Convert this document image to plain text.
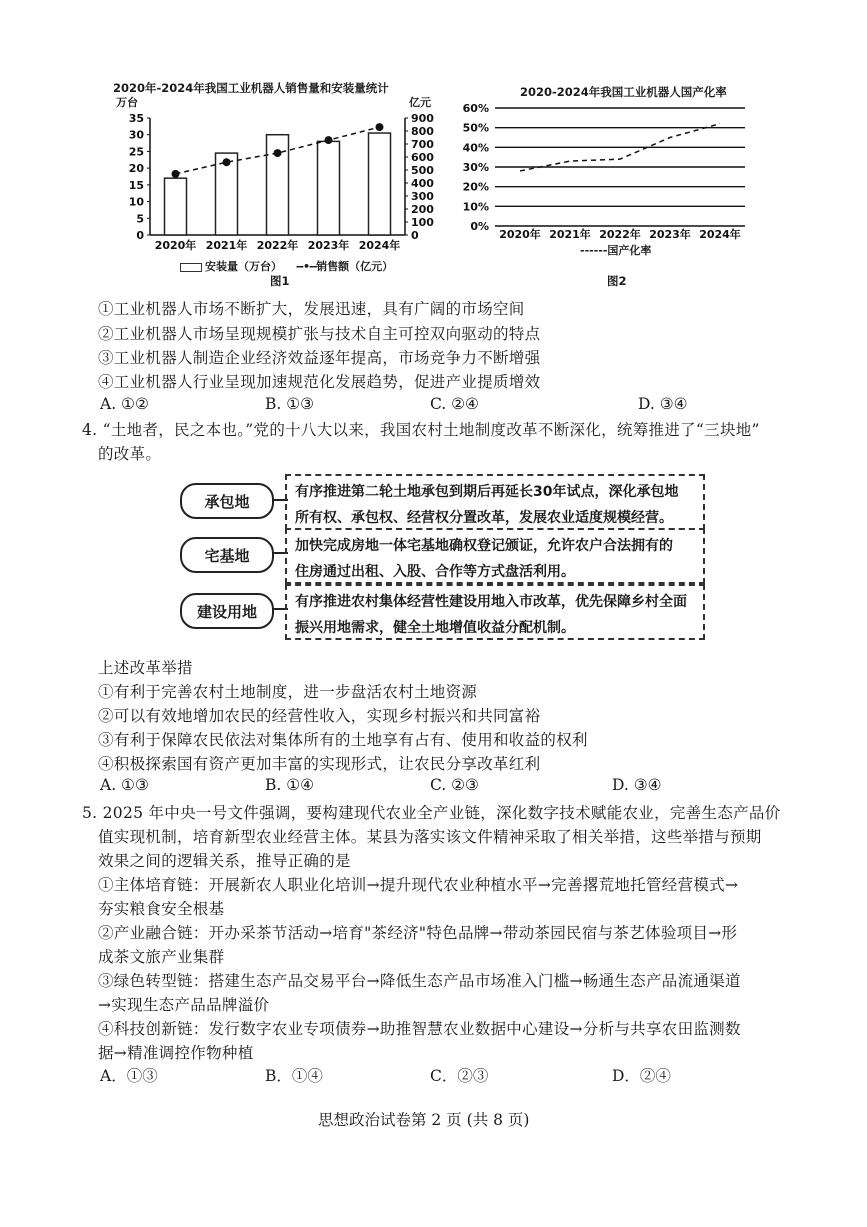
2020年-2024年我国工业机器人销售量和安装量统计
万台	亿元
0
5
10
15
20
25
30
35
0
100
200
300
400
500
600
700
800
900
2020年 2021年 2022年 2023年 2024年
安装量（万台） --•--销售额（亿元）
图1
2020-2024年我国工业机器人国产化率
0%
10%
20%
30%
40%
50%
60%
2020年 2021年 2022年 2023年 2024年
------国产化率
图2
①工业机器人市场不断扩大，发展迅速，具有广阔的市场空间
②工业机器人市场呈现规模扩张与技术自主可控双向驱动的特点
③工业机器人制造企业经济效益逐年提高，市场竞争力不断增强
④工业机器人行业呈现加速规范化发展趋势，促进产业提质增效
A. ①②	B. ①③	C. ②④	D. ③④
4. “土地者，民之本也。”党的十八大以来，我国农村土地制度改革不断深化，统筹推进了“三块地”
的改革。
承包地
有序推进第二轮土地承包到期后再延长30年试点，深化承包地
所有权、承包权、经营权分置改革，发展农业适度规模经营。
宅基地
加快完成房地一体宅基地确权登记颁证，允许农户合法拥有的
住房通过出租、入股、合作等方式盘活利用。
建设用地
有序推进农村集体经营性建设用地入市改革，优先保障乡村全面
振兴用地需求，健全土地增值收益分配机制。
上述改革举措
①有利于完善农村土地制度，进一步盘活农村土地资源
②可以有效地增加农民的经营性收入，实现乡村振兴和共同富裕
③有利于保障农民依法对集体所有的土地享有占有、使用和收益的权利
④积极探索国有资产更加丰富的实现形式，让农民分享改革红利
A. ①③	B. ①④	C. ②③	D. ③④
5. 2025 年中央一号文件强调，要构建现代农业全产业链，深化数字技术赋能农业，完善生态产品价
值实现机制，培育新型农业经营主体。某县为落实该文件精神采取了相关举措，这些举措与预期
效果之间的逻辑关系，推导正确的是
①主体培育链：开展新农人职业化培训→提升现代农业种植水平→完善撂荒地托管经营模式→
夯实粮食安全根基
②产业融合链：开办采茶节活动→培育"茶经济"特色品牌→带动茶园民宿与茶艺体验项目→形
成茶文旅产业集群
③绿色转型链：搭建生态产品交易平台→降低生态产品市场准入门槛→畅通生态产品流通渠道
→实现生态产品品牌溢价
④科技创新链：发行数字农业专项债券→助推智慧农业数据中心建设→分析与共享农田监测数
据→精准调控作物种植
A．①③	B．①④	C．②③	D．②④
思想政治试卷第 2 页 (共 8 页)
